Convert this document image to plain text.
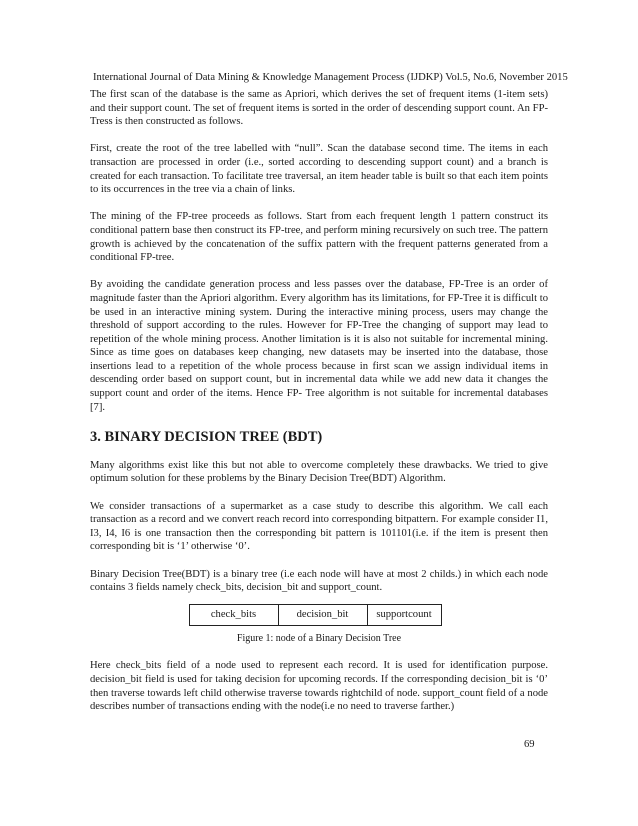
International Journal of Data Mining & Knowledge Management Process (IJDKP) Vol.5, No.6, November 2015

The first scan of the database is the same as Apriori, which derives the set of frequent items (1-item sets) and their support count. The set of frequent items is sorted in the order of descending support count. An FP-Tress is then constructed as follows.

First, create the root of the tree labelled with “null”. Scan the database second time. The items in each transaction are processed in order (i.e., sorted according to descending support count) and a branch is created for each transaction. To facilitate tree traversal, an item header table is built so that each item points to its occurrences in the tree via a chain of links.

The mining of the FP-tree proceeds as follows. Start from each frequent length 1 pattern construct its conditional pattern base then construct its FP-tree, and perform mining recursively on such tree. The pattern growth is achieved by the concatenation of the suffix pattern with the frequent patterns generated from a conditional FP-tree.

By avoiding the candidate generation process and less passes over the database, FP-Tree is an order of magnitude faster than the Apriori algorithm. Every algorithm has its limitations, for FP-Tree it is difficult to be used in an interactive mining system. During the interactive mining process, users may change the threshold of support according to the rules. However for FP-Tree the changing of support may lead to repetition of the whole mining process. Another limitation is it is also not suitable for incremental mining. Since as time goes on databases keep changing, new datasets may be inserted into the database, those insertions lead to a repetition of the whole process because in first scan we assign individual items in descending order based on support count, but in incremental data while we add new data it changes the support count and order of the items. Hence FP- Tree algorithm is not suitable for incremental databases [7].

3. BINARY DECISION TREE (BDT)

Many algorithms exist like this but not able to overcome completely these drawbacks. We tried to give optimum solution for these problems by the Binary Decision Tree(BDT) Algorithm.

We consider transactions of a supermarket as a case study to describe this algorithm. We call each transaction as a record and we convert reach record into corresponding bitpattern. For example consider I1, I3, I4, I6 is one transaction then the corresponding bit pattern is 101101(i.e. if the item is present then corresponding bit is ‘1’ otherwise ‘0’.

Binary Decision Tree(BDT) is a binary tree (i.e each node will have at most 2 childs.) in which each node contains 3 fields namely check_bits, decision_bit and support_count.

check_bits	decision_bit	supportcount
Figure 1: node of a Binary Decision Tree

Here check_bits field of a node used to represent each record. It is used for identification purpose. decision_bit field is used for taking decision for upcoming records. If the corresponding decision_bit is ‘0’ then traverse towards left child otherwise traverse towards rightchild of node. support_count field of a node describes number of transactions ending with the node(i.e no need to traverse farther.)

69
